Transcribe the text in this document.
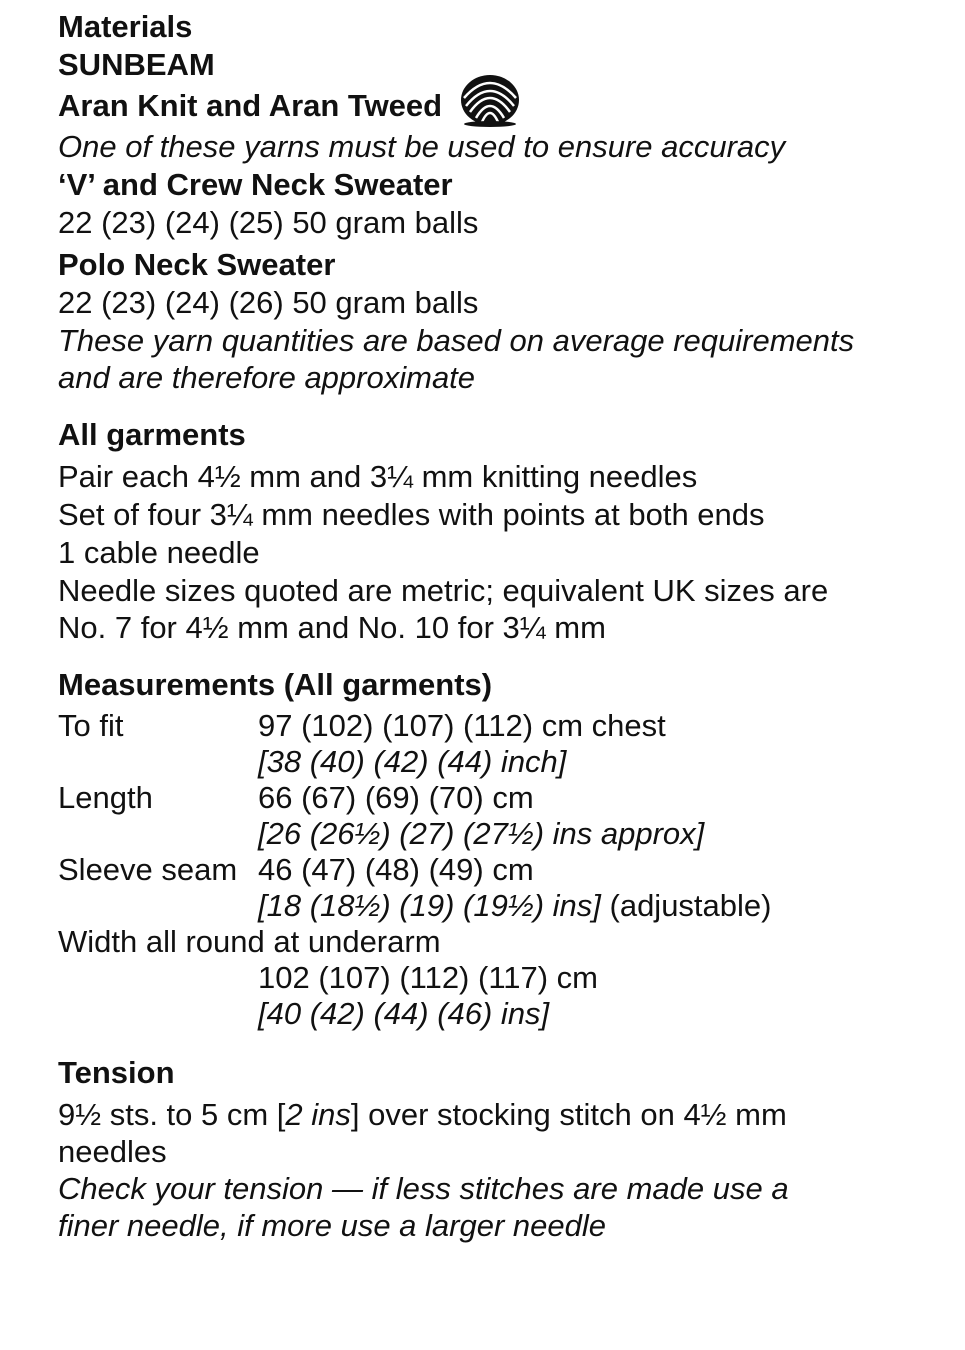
Materials
SUNBEAM
Aran Knit and Aran Tweed
One of these yarns must be used to ensure accuracy
‘V’ and Crew Neck Sweater
22 (23) (24) (25) 50 gram balls
Polo Neck Sweater
22 (23) (24) (26) 50 gram balls
These yarn quantities are based on average requirements
and are therefore approximate
All garments
Pair each 4½ mm and 3¼ mm knitting needles
Set of four 3¼ mm needles with points at both ends
1 cable needle
Needle sizes quoted are metric; equivalent UK sizes are
No. 7 for 4½ mm and No. 10 for 3¼ mm
Measurements (All garments)
To fit	97 (102) (107) (112) cm chest
[38 (40) (42) (44) inch]
Length	66 (67) (69) (70) cm
[26 (26½) (27) (27½) ins approx]
Sleeve seam 46 (47) (48) (49) cm
[18 (18½) (19) (19½) ins] (adjustable)
Width all round at underarm
102 (107) (112) (117) cm
[40 (42) (44) (46) ins]
Tension
9½ sts. to 5 cm [2 ins] over stocking stitch on 4½ mm
needles
Check your tension — if less stitches are made use a
finer needle, if more use a larger needle
